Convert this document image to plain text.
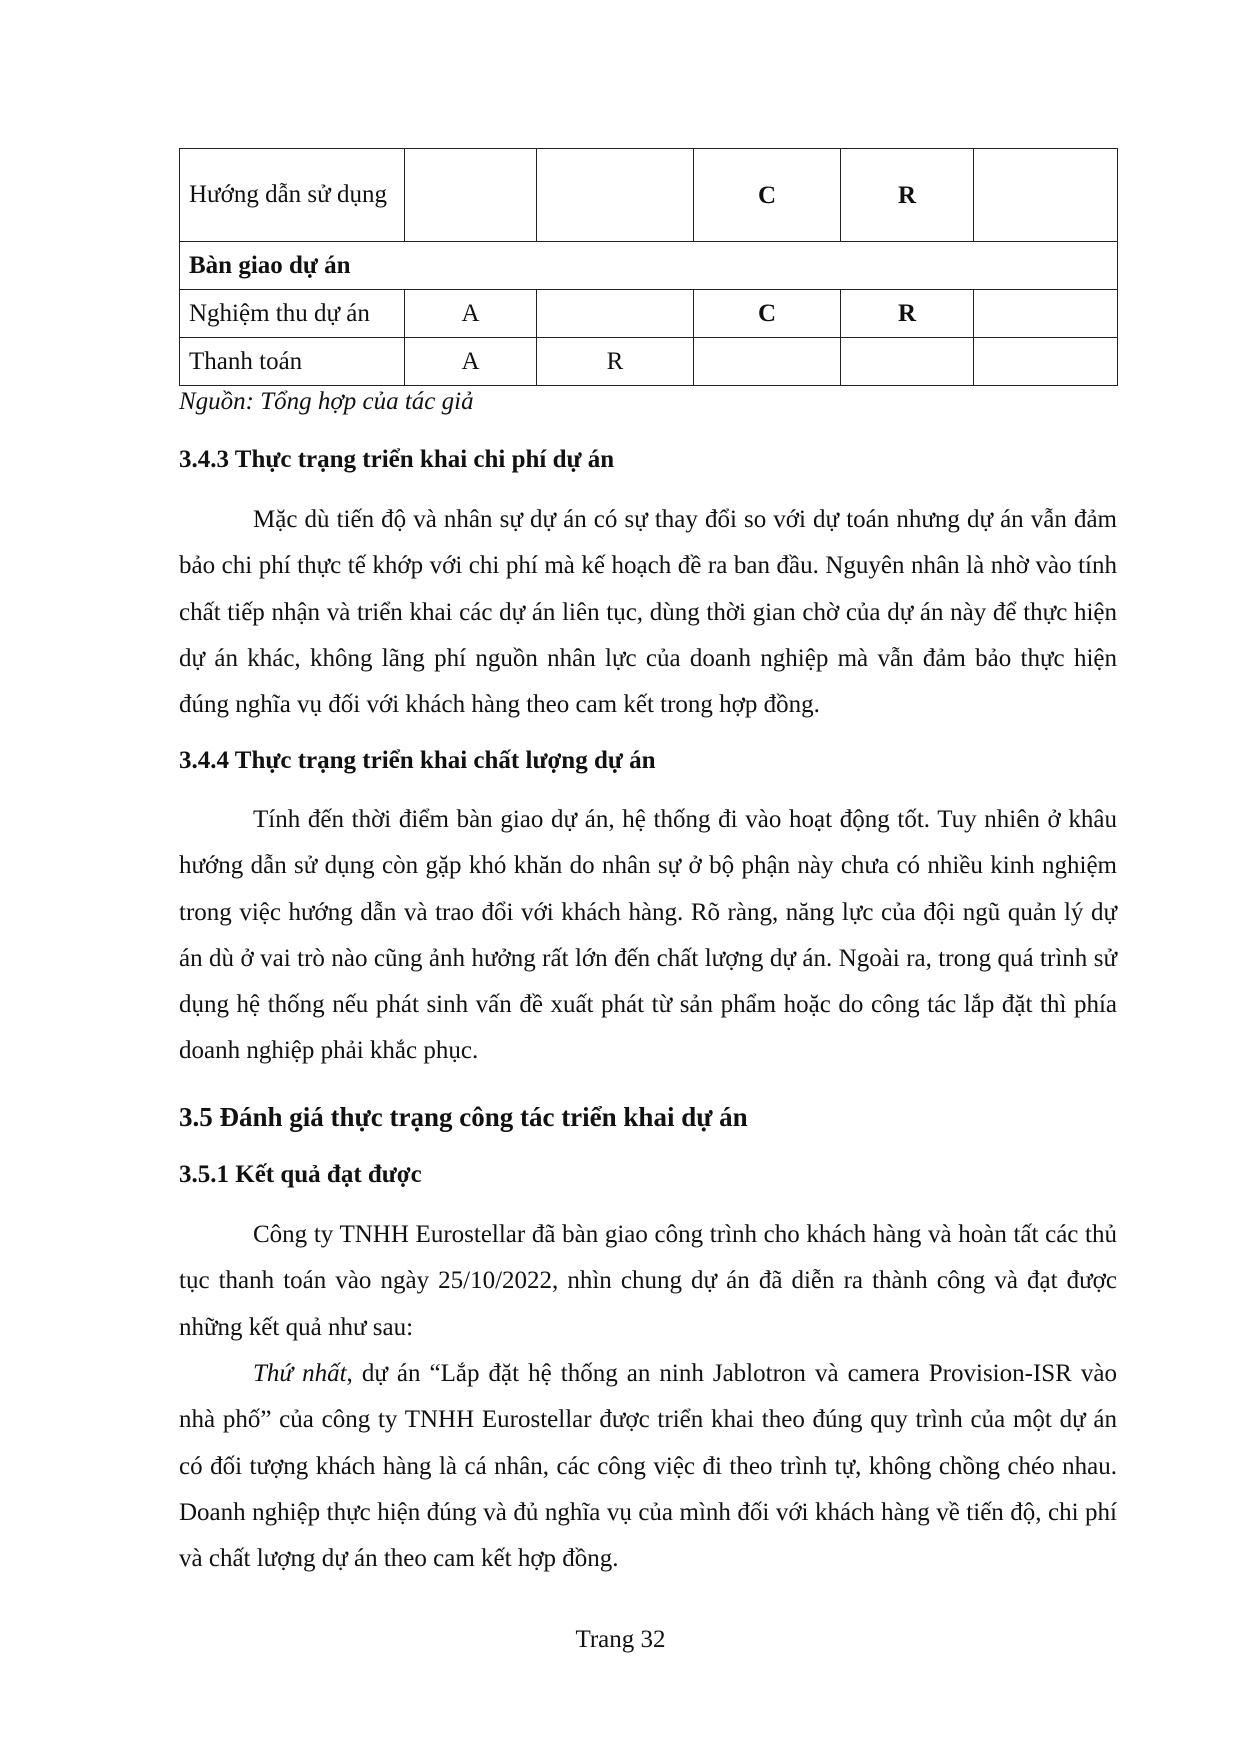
Hướng dẫn sử dụng			C	R	
Bàn giao dự án					
Nghiệm thu dự án	A		C	R	
Thanh toán	A	R			
Nguồn: Tổng hợp của tác giả
3.4.3 Thực trạng triển khai chi phí dự án

Mặc dù tiến độ và nhân sự dự án có sự thay đổi so với dự toán nhưng dự án vẫn đảm bảo chi phí thực tế khớp với chi phí mà kế hoạch đề ra ban đầu. Nguyên nhân là nhờ vào tính chất tiếp nhận và triển khai các dự án liên tục, dùng thời gian chờ của dự án này để thực hiện dự án khác, không lãng phí nguồn nhân lực của doanh nghiệp mà vẫn đảm bảo thực hiện đúng nghĩa vụ đối với khách hàng theo cam kết trong hợp đồng.

3.4.4 Thực trạng triển khai chất lượng dự án

Tính đến thời điểm bàn giao dự án, hệ thống đi vào hoạt động tốt. Tuy nhiên ở khâu hướng dẫn sử dụng còn gặp khó khăn do nhân sự ở bộ phận này chưa có nhiều kinh nghiệm trong việc hướng dẫn và trao đổi với khách hàng. Rõ ràng, năng lực của đội ngũ quản lý dự án dù ở vai trò nào cũng ảnh hưởng rất lớn đến chất lượng dự án. Ngoài ra, trong quá trình sử dụng hệ thống nếu phát sinh vấn đề xuất phát từ sản phẩm hoặc do công tác lắp đặt thì phía doanh nghiệp phải khắc phục.

3.5 Đánh giá thực trạng công tác triển khai dự án
3.5.1 Kết quả đạt được

Công ty TNHH Eurostellar đã bàn giao công trình cho khách hàng và hoàn tất các thủ tục thanh toán vào ngày 25/10/2022, nhìn chung dự án đã diễn ra thành công và đạt được những kết quả như sau:

Thứ nhất, dự án “Lắp đặt hệ thống an ninh Jablotron và camera Provision-ISR vào nhà phố” của công ty TNHH Eurostellar được triển khai theo đúng quy trình của một dự án có đối tượng khách hàng là cá nhân, các công việc đi theo trình tự, không chồng chéo nhau. Doanh nghiệp thực hiện đúng và đủ nghĩa vụ của mình đối với khách hàng về tiến độ, chi phí và chất lượng dự án theo cam kết hợp đồng.

Trang 32
